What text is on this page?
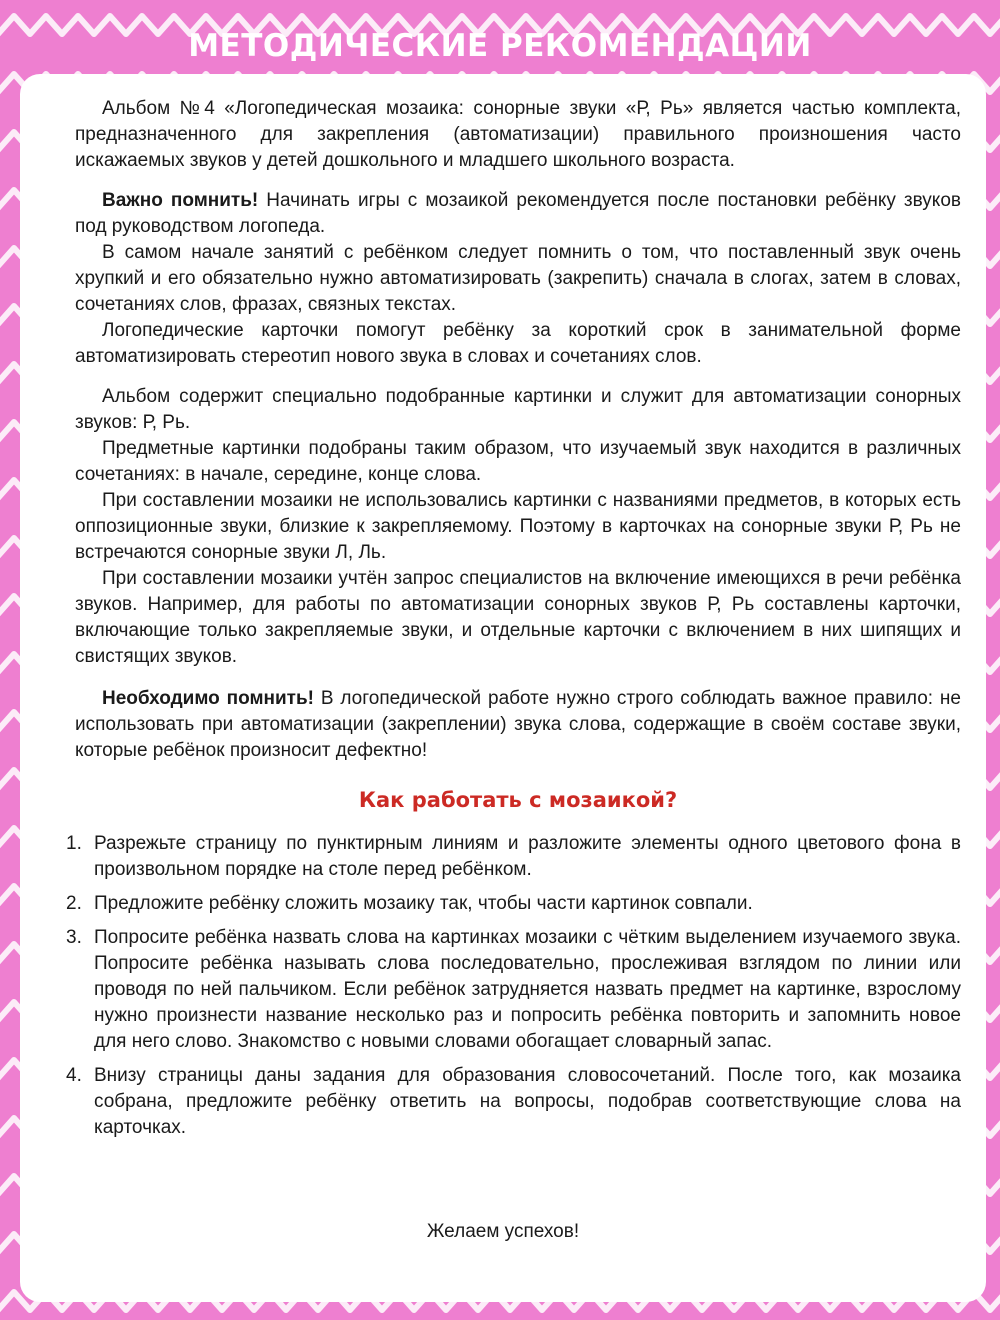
МЕТОДИЧЕСКИЕ РЕКОМЕНДАЦИИ

Альбом №4 «Логопедическая мозаика: сонорные звуки «Р, Рь» является частью комплекта, предназначенного для закрепления (автоматизации) правильного произношения часто искажаемых звуков у детей дошкольного и младшего школьного возраста.

Важно помнить! Начинать игры с мозаикой рекомендуется после постановки ребёнку звуков под руководством логопеда.

В самом начале занятий с ребёнком следует помнить о том, что поставленный звук очень хрупкий и его обязательно нужно автоматизировать (закрепить) сначала в слогах, затем в словах, сочетаниях слов, фразах, связных текстах.

Логопедические карточки помогут ребёнку за короткий срок в занимательной форме автоматизировать стереотип нового звука в словах и сочетаниях слов.

Альбом содержит специально подобранные картинки и служит для автоматизации сонорных звуков: Р, Рь.

Предметные картинки подобраны таким образом, что изучаемый звук находится в различных сочетаниях: в начале, середине, конце слова.

При составлении мозаики не использовались картинки с названиями предметов, в которых есть оппозиционные звуки, близкие к закрепляемому. Поэтому в карточках на сонорные звуки Р, Рь не встречаются сонорные звуки Л, Ль.

При составлении мозаики учтён запрос специалистов на включение имеющихся в речи ребёнка звуков. Например, для работы по автоматизации сонорных звуков Р, Рь составлены карточки, включающие только закрепляемые звуки, и отдельные карточки с включением в них шипящих и свистящих звуков.

Необходимо помнить! В логопедической работе нужно строго соблюдать важное правило: не использовать при автоматизации (закреплении) звука слова, содержащие в своём составе звуки, которые ребёнок произносит дефектно!

Как работать с мозаикой?
1. Разрежьте страницу по пунктирным линиям и разложите элементы одного цветового фона в произвольном порядке на столе перед ребёнком.
2. Предложите ребёнку сложить мозаику так, чтобы части картинок совпали.
3. Попросите ребёнка назвать слова на картинках мозаики с чётким выделением изучаемого звука. Попросите ребёнка называть слова последовательно, прослеживая взглядом по линии или проводя по ней пальчиком. Если ребёнок затрудняется назвать предмет на картинке, взрослому нужно произнести название несколько раз и попросить ребёнка повторить и запомнить новое для него слово. Знакомство с новыми словами обогащает словарный запас.
4. Внизу страницы даны задания для образования словосочетаний. После того, как мозаика собрана, предложите ребёнку ответить на вопросы, подобрав соответствующие слова на карточках.
Желаем успехов!
